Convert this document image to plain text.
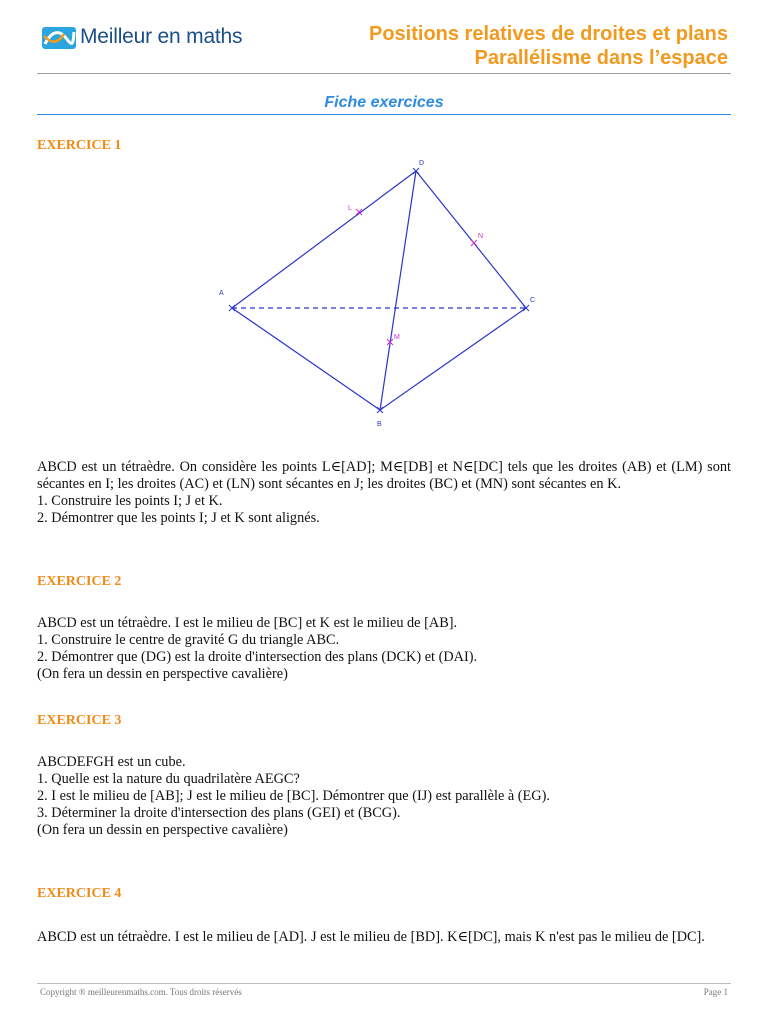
Meilleur en maths	Positions relatives de droites et plans
Parallélisme dans l’espace
Fiche exercices
EXERCICE 1
A
B
C
D
L
M
N
ABCD est un tétraèdre. On considère les points L∈[AD]; M∈[DB] et N∈[DC] tels que les droites (AB) et (LM) sont sécantes en I; les droites (AC) et (LN) sont sécantes en J; les droites (BC) et (MN) sont sécantes en K.
1. Construire les points I; J et K.
2. Démontrer que les points I; J et K sont alignés.
EXERCICE 2
ABCD est un tétraèdre. I est le milieu de [BC] et K est le milieu de [AB].
1. Construire le centre de gravité G du triangle ABC.
2. Démontrer que (DG) est la droite d'intersection des plans (DCK) et (DAI).
(On fera un dessin en perspective cavalière)
EXERCICE 3
ABCDEFGH est un cube.
1. Quelle est la nature du quadrilatère AEGC?
2. I est le milieu de [AB]; J est le milieu de [BC]. Démontrer que (IJ) est parallèle à (EG).
3. Déterminer la droite d'intersection des plans (GEI) et (BCG).
(On fera un dessin en perspective cavalière)
EXERCICE 4
ABCD est un tétraèdre. I est le milieu de [AD]. J est le milieu de [BD]. K∈[DC], mais K n'est pas le milieu de [DC].
Copyright ® meilleurenmaths.com. Tous droits réservés	Page 1
